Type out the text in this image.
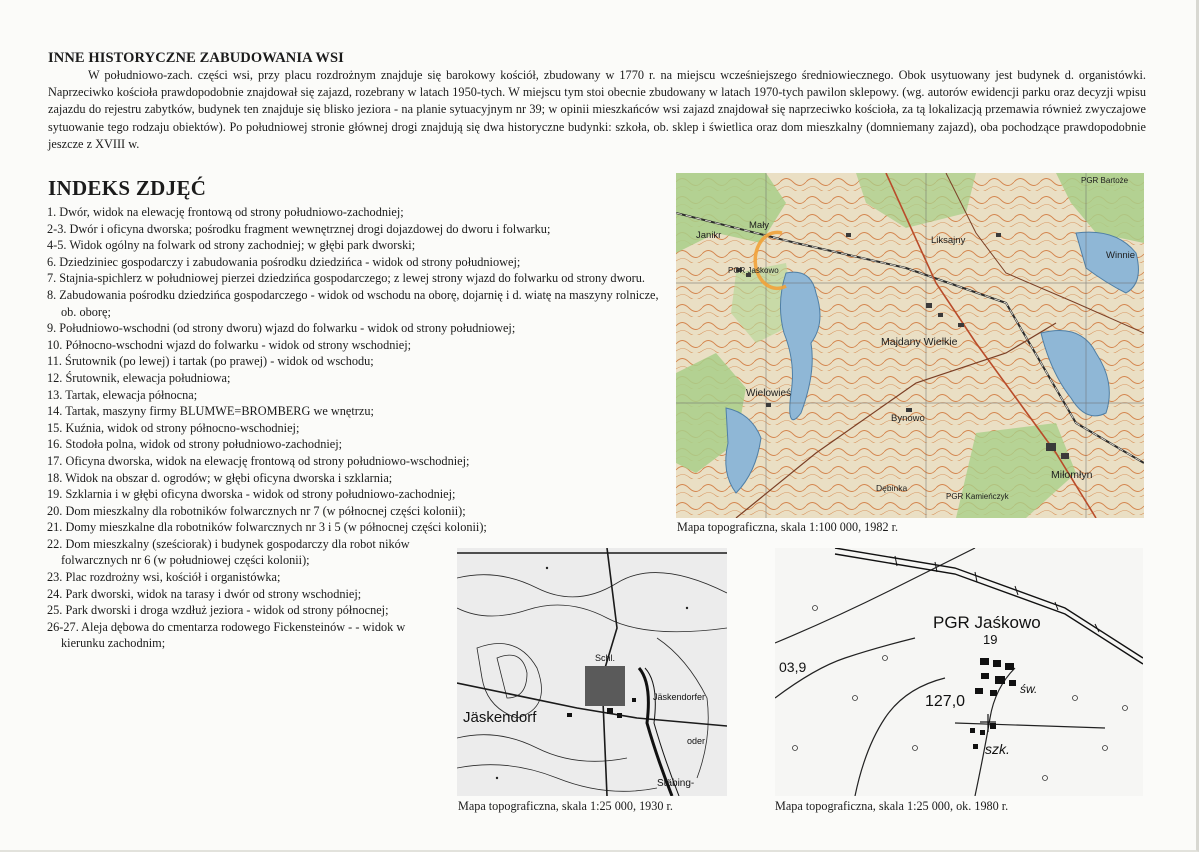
INNE HISTORYCZNE ZABUDOWANIA WSI

W południowo-zach. części wsi, przy placu rozdrożnym znajduje się barokowy kościół, zbudowany w 1770 r. na miejscu wcześniejszego średniowiecznego. Obok usytuowany jest budynek d. organistówki. Naprzeciwko kościoła prawdopodobnie znajdował się zajazd, rozebrany w latach 1950-tych. W miejscu tym stoi obecnie zbudowany w latach 1970-tych pawilon sklepowy. (wg. autorów ewidencji parku oraz decyzji wpisu zajazdu do rejestru zabytków, budynek ten znajduje się blisko jeziora - na planie sytuacyjnym nr 39; w opinii mieszkańców wsi zajazd znajdował się naprzeciwko kościoła, za tą lokalizacją przemawia również zwyczajowe sytuowanie tego rodzaju obiektów). Po południowej stronie głównej drogi znajdują się dwa historyczne budynki: szkoła, ob. sklep i świetlica oraz dom mieszkalny (domniemany zajazd), oba pochodzące prawdopodobnie jeszcze z XVIII w.

INDEKS ZDJĘĆ
1. Dwór, widok na elewację frontową od strony południowo-zachodniej;
2-3. Dwór i oficyna dworska; pośrodku fragment wewnętrznej drogi dojazdowej do dworu i folwarku;
4-5. Widok ogólny na folwark od strony zachodniej; w głębi park dworski;
6. Dziedziniec gospodarczy i zabudowania pośrodku dziedzińca - widok od strony południowej;
7. Stajnia-spichlerz w południowej pierzei dziedzińca gospodarczego; z lewej strony wjazd do folwarku od strony dworu.
8. Zabudowania pośrodku dziedzińca gospodarczego - widok od wschodu na oborę, dojarnię i d. wiatę na maszyny rolnicze, ob. oborę;
9. Południowo-wschodni (od strony dworu) wjazd do folwarku - widok od strony południowej;
10. Północno-wschodni wjazd do folwarku - widok od strony wschodniej;
11. Śrutownik (po lewej) i tartak (po prawej) - widok od wschodu;
12. Śrutownik, elewacja południowa;
13. Tartak, elewacja północna;
14. Tartak, maszyny firmy BLUMWE=BROMBERG we wnętrzu;
15. Kuźnia, widok od strony północno-wschodniej;
16. Stodoła polna, widok od strony południowo-zachodniej;
17. Oficyna dworska, widok na elewację frontową od strony południowo-wschodniej;
18. Widok na obszar d. ogrodów; w głębi oficyna dworska i szklarnia;
19. Szklarnia i w głębi oficyna dworska - widok od strony południowo-zachodniej;
20. Dom mieszkalny dla robotników folwarcznych nr 7 (w północnej części kolonii);
21. Domy mieszkalne dla robotników folwarcznych nr 3 i 5 (w północnej części kolonii);
22. Dom mieszkalny (sześciorak) i budynek gospodarczy dla robot ników folwarcznych nr 6 (w południowej części kolonii);
23. Plac rozdrożny wsi, kościół i organistówka;
24. Park dworski, widok na tarasy i dwór od strony wschodniej;
25. Park dworski i droga wzdłuż jeziora - widok od strony północnej;
26-27. Aleja dębowa do cmentarza rodowego Fickensteinów - - widok w kierunku zachodnim;
Janikr
Mały
PGR Jaśkowo
Liksajny
Winnie
Majdany Wielkie
Wielowieś
Bynowo
Miłomłyn
Dębinka
PGR Kamieńczyk
PGR Bartoże
Mapa topograficzna, skala 1:100 000, 1982 r.
Jäskendorf
Jäskendorfer
Schl.
oder
Stäbing-
Mapa topograficzna, skala 1:25 000, 1930 r.
PGR Jaśkowo
19
127,0
03,9
szk.
św.
Mapa topograficzna, skala 1:25 000, ok. 1980 r.
